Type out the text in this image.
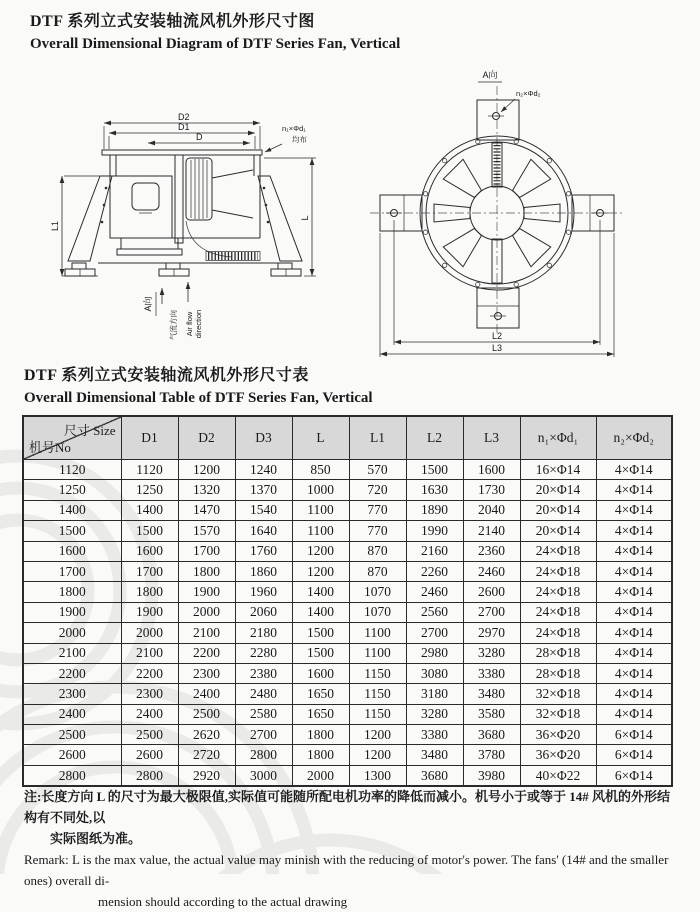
DTF 系列立式安装轴流风机外形尺寸图
Overall Dimensional Diagram of DTF Series Fan, Vertical
D2
D1
D
n₁×Φd₁
均布
L1
L
A向
气流方向 Air flow direction
A向
n₂×Φd₂
L2
L3
DTF 系列立式安装轴流风机外形尺寸表
Overall Dimensional Table of DTF Series Fan, Vertical
尺寸 Size
机号No	D1	D2	D3	L	L1	L2	L3	n₁×Φd₁	n₂×Φd₂
1120	1120	1200	1240	850	570	1500	1600	16×Φ14	4×Φ14
1250	1250	1320	1370	1000	720	1630	1730	20×Φ14	4×Φ14
1400	1400	1470	1540	1100	770	1890	2040	20×Φ14	4×Φ14
1500	1500	1570	1640	1100	770	1990	2140	20×Φ14	4×Φ14
1600	1600	1700	1760	1200	870	2160	2360	24×Φ18	4×Φ14
1700	1700	1800	1860	1200	870	2260	2460	24×Φ18	4×Φ14
1800	1800	1900	1960	1400	1070	2460	2600	24×Φ18	4×Φ14
1900	1900	2000	2060	1400	1070	2560	2700	24×Φ18	4×Φ14
2000	2000	2100	2180	1500	1100	2700	2970	24×Φ18	4×Φ14
2100	2100	2200	2280	1500	1100	2980	3280	28×Φ18	4×Φ14
2200	2200	2300	2380	1600	1150	3080	3380	28×Φ18	4×Φ14
2300	2300	2400	2480	1650	1150	3180	3480	32×Φ18	4×Φ14
2400	2400	2500	2580	1650	1150	3280	3580	32×Φ18	4×Φ14
2500	2500	2620	2700	1800	1200	3380	3680	36×Φ20	6×Φ14
2600	2600	2720	2800	1800	1200	3480	3780	36×Φ20	6×Φ14
2800	2800	2920	3000	2000	1300	3680	3980	40×Φ22	6×Φ14
注:长度方向 L 的尺寸为最大极限值,实际值可能随所配电机功率的降低而减小。机号小于或等于 14# 风机的外形结构有不同处,以
实际图纸为准。
Remark: L is the max value, the actual value may minish with the reducing of motor's power. The fans' (14# and the smaller ones) overall di-
mension should according to the actual drawing
